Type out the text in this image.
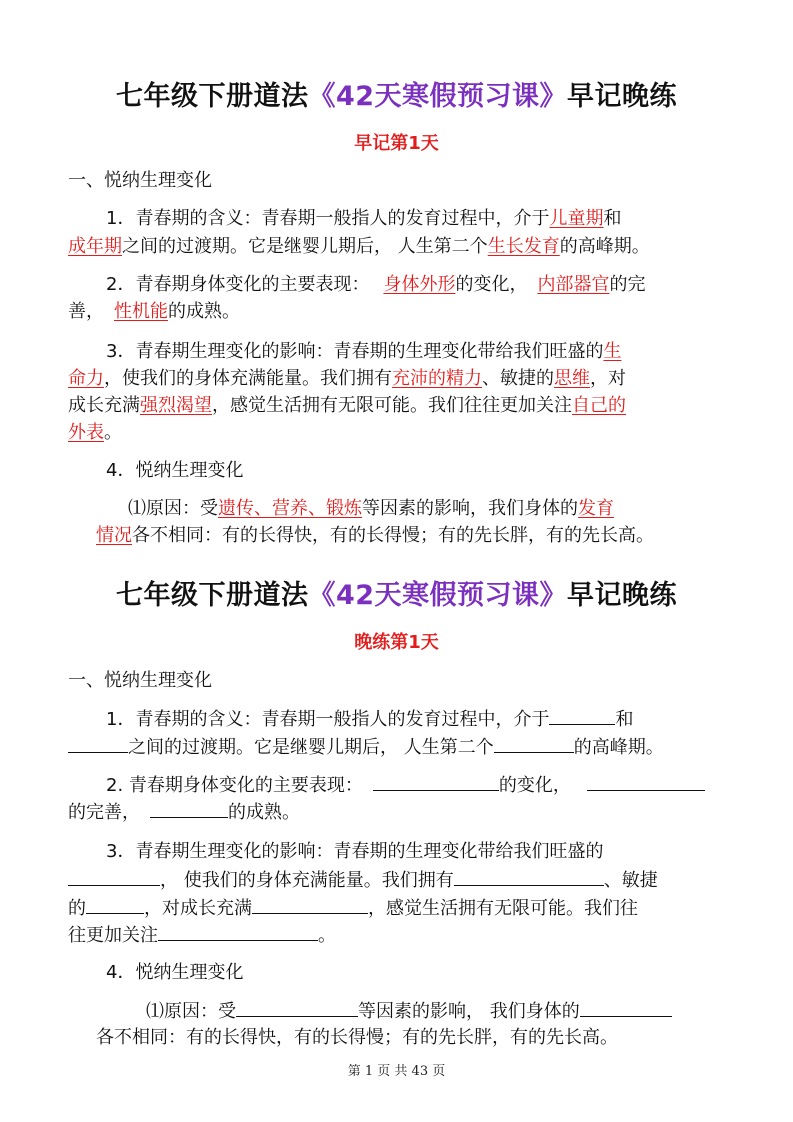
七年级下册道法《42天寒假预习课》早记晚练
早记第1天
一、悦纳生理变化
1．青春期的含义：青春期一般指人的发育过程中，介于儿童期和
成年期之间的过渡期。它是继婴儿期后， 人生第二个生长发育的高峰期。
2．青春期身体变化的主要表现： 身体外形的变化， 内部器官的完
善， 性机能的成熟。
3．青春期生理变化的影响：青春期的生理变化带给我们旺盛的生
命力，使我们的身体充满能量。我们拥有充沛的精力、敏捷的思维，对
成长充满强烈渴望，感觉生活拥有无限可能。我们往往更加关注自己的
外表。
4．悦纳生理变化
⑴原因：受遗传、营养、锻炼等因素的影响，我们身体的发育
情况各不相同：有的长得快，有的长得慢；有的先长胖，有的先长高。
七年级下册道法《42天寒假预习课》早记晚练
晚练第1天
一、悦纳生理变化
1．青春期的含义：青春期一般指人的发育过程中，介于	和
之间的过渡期。它是继婴儿期后， 人生第二个	的高峰期。
2. 青春期身体变化的主要表现：	的变化，
的完善，	的成熟。
3．青春期生理变化的影响：青春期的生理变化带给我们旺盛的
， 使我们的身体充满能量。我们拥有	、敏捷
的	，对成长充满	，感觉生活拥有无限可能。我们往
往更加关注	。
4．悦纳生理变化
⑴原因：受	等因素的影响， 我们身体的
各不相同：有的长得快，有的长得慢；有的先长胖，有的先长高。
第 1 页 共 43 页
